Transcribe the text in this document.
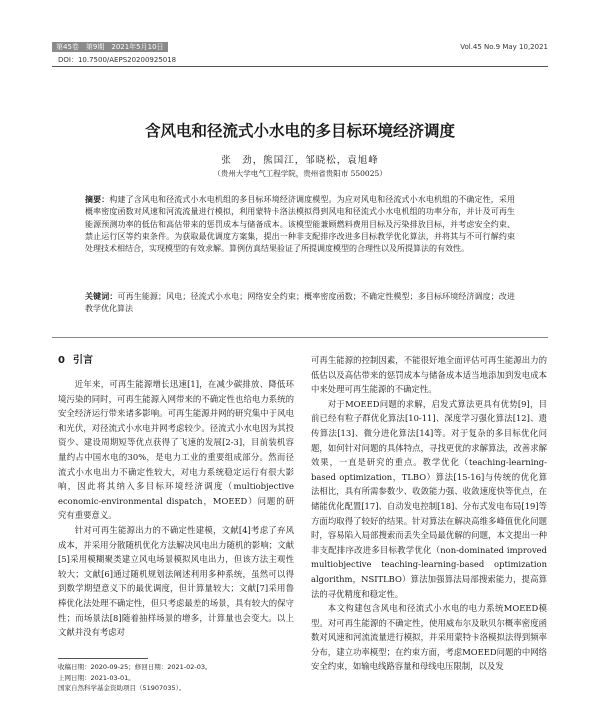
第45卷　第9期　2021年5月10日	Vol.45 No.9 May 10,2021
DOI：10.7500/AEPS20200925018
含风电和径流式小水电的多目标环境经济调度
张　劲，熊国江，邹晓松，袁旭峰
（贵州大学电气工程学院，贵州省贵阳市 550025）
摘要：构建了含风电和径流式小水电机组的多目标环境经济调度模型。为应对风电和径流式小水电机组的不确定性，采用概率密度函数对风速和河流流量进行模拟，利用蒙特卡洛法模拟得到风电和径流式小水电机组的功率分布，并计及可再生能源预测功率的低估和高估带来的惩罚成本与储备成本。该模型能兼顾燃料费用目标及污染排放目标，并考虑安全约束、禁止运行区等约束条件。为获取最优调度方案集，提出一种非支配排序改进多目标教学优化算法，并将其与不可行解约束处理技术相结合，实现模型的有效求解。算例仿真结果验证了所提调度模型的合理性以及所提算法的有效性。
关键词：可再生能源；风电；径流式小水电；网络安全约束；概率密度函数；不确定性模型；多目标环境经济调度；改进教学优化算法
0 引言

近年来，可再生能源增长迅速[1]，在减少碳排放、降低环境污染的同时，可再生能源入网带来的不确定性也给电力系统的安全经济运行带来诸多影响。可再生能源并网的研究集中于风电和光伏，对径流式小水电并网考虑较少。径流式小水电因为其投资少、建设周期短等优点获得了飞速的发展[2-3]，目前装机容量约占中国水电的30%，是电力工业的重要组成部分。然而径流式小水电出力不确定性较大，对电力系统稳定运行有很大影响，因此将其纳入多目标环境经济调度（multiobjective economic-environmental dispatch，MOEED）问题的研究有重要意义。

针对可再生能源出力的不确定性建模，文献[4]考虑了弃风成本，并采用分散随机优化方法解决风电出力随机的影响；文献[5]采用模糊聚类建立风电场景模拟风电出力，但该方法主观性较大；文献[6]通过随机规划法阐述利用多种系统，虽然可以得到数学期望意义下的最优调度，但计算量较大；文献[7]采用鲁棒优化法处理不确定性，但只考虑最差的场景，具有较大的保守性；而场景法[8]随着抽样场景的增多，计算量也会变大。以上文献并没有考虑对

可再生能源的控制因素，不能很好地全面评估可再生能源出力的低估以及高估带来的惩罚成本与储备成本适当地添加到发电成本中来处理可再生能源的不确定性。

对于MOEED问题的求解，启发式算法更具有优势[9]，目前已经有粒子群优化算法[10-11]、深度学习强化算法[12]、遗传算法[13]、微分进化算法[14]等。对于复杂的多目标优化问题，如何针对问题的具体特点，寻找更优的求解算法，改善求解效果，一直是研究的重点。教学优化（teaching-learning-based optimization，TLBO）算法[15-16]与传统的优化算法相比，具有所需参数少、收敛能力强、收敛速度快等优点，在储能优化配置[17]、自动发电控制[18]、分布式发电布局[19]等方面均取得了较好的结果。针对算法在解决高维多峰值优化问题时，容易陷入局部搜索而丢失全局最优解的问题，本文提出一种非支配排序改进多目标教学优化（non-dominated improved multiobjective teaching-learning-based optimization algorithm，NSITLBO）算法加强算法局部搜索能力，提高算法的寻优精度和稳定性。

本文构建包含风电和径流式小水电的电力系统MOEED模型。对可再生能源的不确定性，使用威布尔及耿贝尔概率密度函数对风速和河流流量进行模拟，并采用蒙特卡洛模拟法得到频率分布，建立功率模型；在约束方面，考虑MOEED问题的中网络安全约束，如输电线路容量和母线电压限制，以及发

收稿日期：2020-09-25；修回日期：2021-02-03。
上网日期：2021-03-01。
国家自然科学基金资助项目（51907035）。
